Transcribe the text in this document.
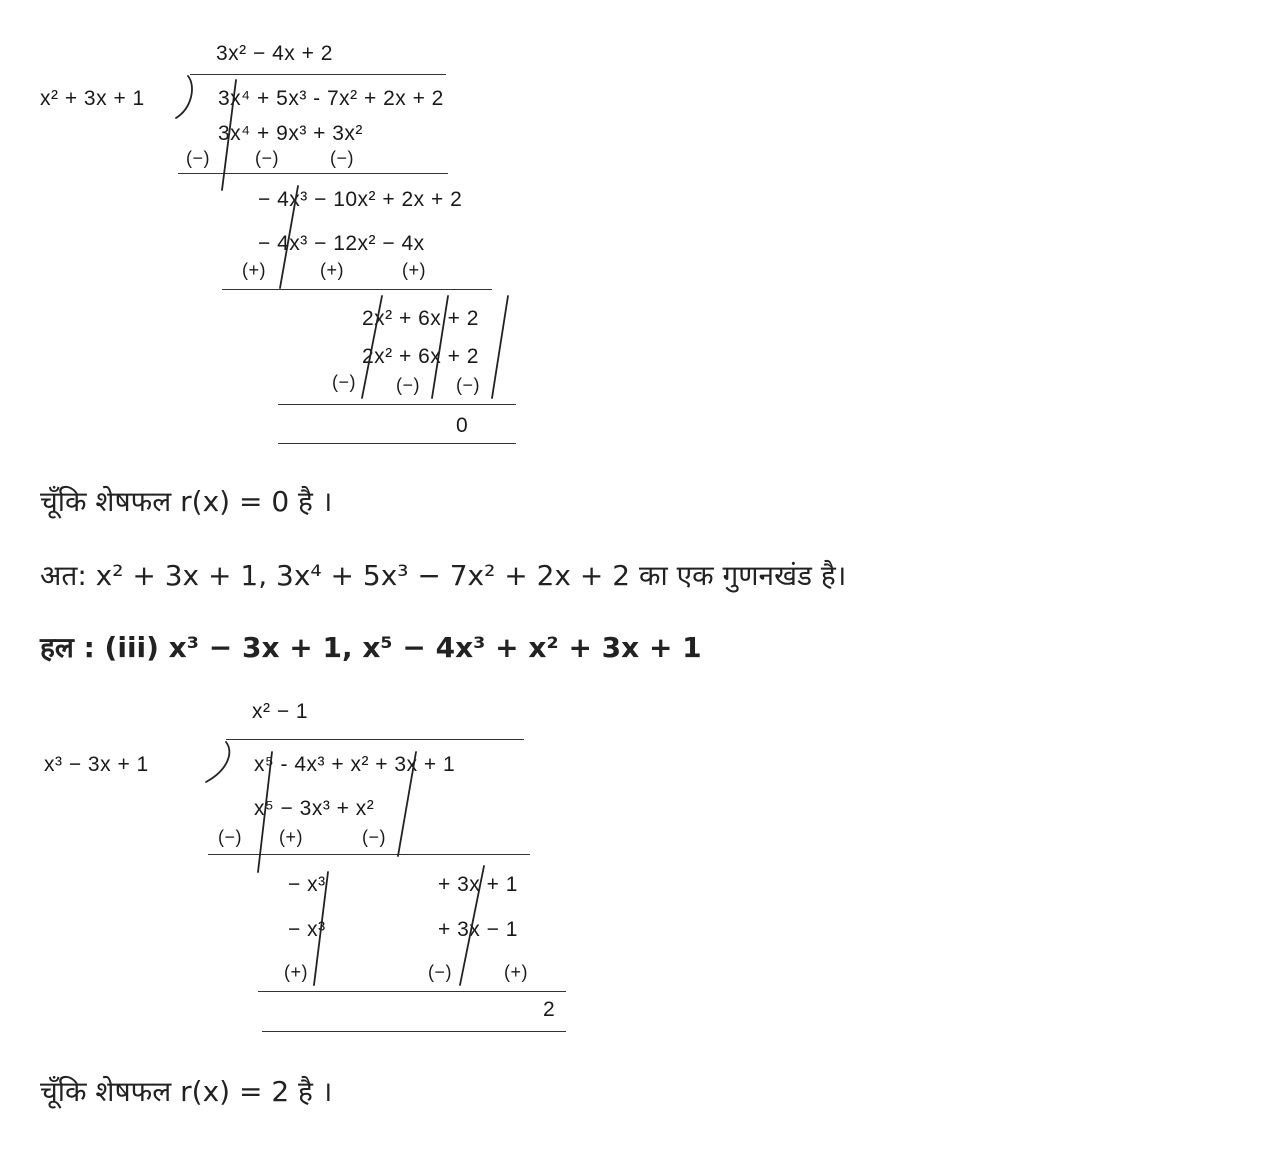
3x² − 4x + 2
x² + 3x + 1	3x⁴ + 5x³ - 7x² + 2x + 2
3x⁴ + 9x³ + 3x²
(−)	(−)	(−)
− 4x³ − 10x² + 2x + 2
− 4x³ − 12x² − 4x
(+)	(+)	(+)
2x² + 6x + 2
2x² + 6x + 2
(−) (−) (−)
0
चूँकि शेषफल r(x) = 0 है ।
अत: x² + 3x + 1, 3x⁴ + 5x³ − 7x² + 2x + 2 का एक गुणनखंड है।
हल : (iii) x³ − 3x + 1, x⁵ − 4x³ + x² + 3x + 1
x² − 1
x³ − 3x + 1	x⁵ - 4x³ + x² + 3x + 1
x⁵ − 3x³ + x²
(−) (+)	(−)
− x³	+ 3x + 1
− x³	+ 3x − 1
(+)	(−)	(+)
2
चूँकि शेषफल r(x) = 2 है ।
